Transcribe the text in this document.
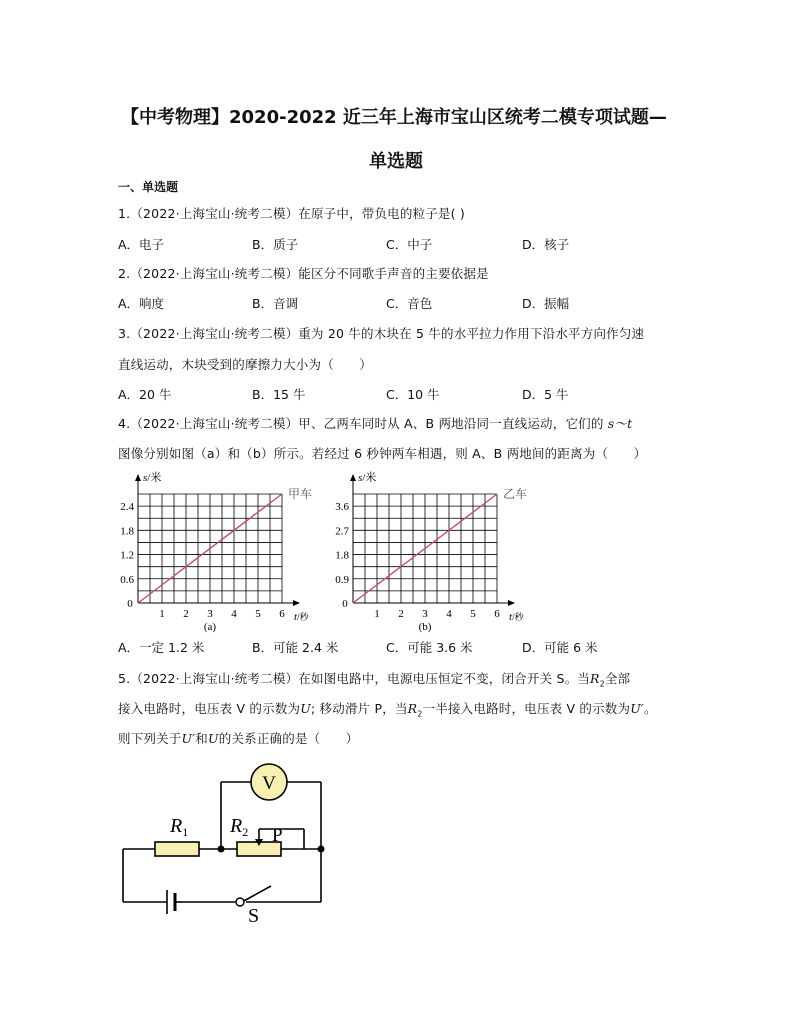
【中考物理】2020-2022 近三年上海市宝山区统考二模专项试题—
单选题
一、单选题
1.（2022·上海宝山·统考二模）在原子中，带负电的粒子是( )
A．电子	B．质子	C．中子	D．核子
2.（2022·上海宝山·统考二模）能区分不同歌手声音的主要依据是
A．响度	B．音调	C．音色	D．振幅
3.（2022·上海宝山·统考二模）重为 20 牛的木块在 5 牛的水平拉力作用下沿水平方向作匀速
直线运动，木块受到的摩擦力大小为（　　）
A．20 牛	B．15 牛	C．10 牛	D．5 牛
4.（2022·上海宝山·统考二模）甲、乙两车同时从 A、B 两地沿同一直线运动，它们的 s～t
图像分别如图（a）和（b）所示。若经过 6 秒钟两车相遇，则 A、B 两地间的距离为（　　）
0.6
1.2
1.8
2.4
0
1 2 3 4 5 6
s/米
t/秒
(a)
甲车
0.9
1.8
2.7
3.6
0
1 2 3 4 5 6
s/米
t/秒
(b)
乙车
A．一定 1.2 米	B．可能 2.4 米	C．可能 3.6 米	D．可能 6 米
5.（2022·上海宝山·统考二模）在如图电路中，电源电压恒定不变，闭合开关 S。当$R_2$全部
接入电路时，电压表 V 的示数为U; 移动滑片 P，当$R_2$一半接入电路时，电压表 V 的示数为U′。
则下列关于U′和U的关系正确的是（　　）
V
$R_1$ $R_2$ P
S
